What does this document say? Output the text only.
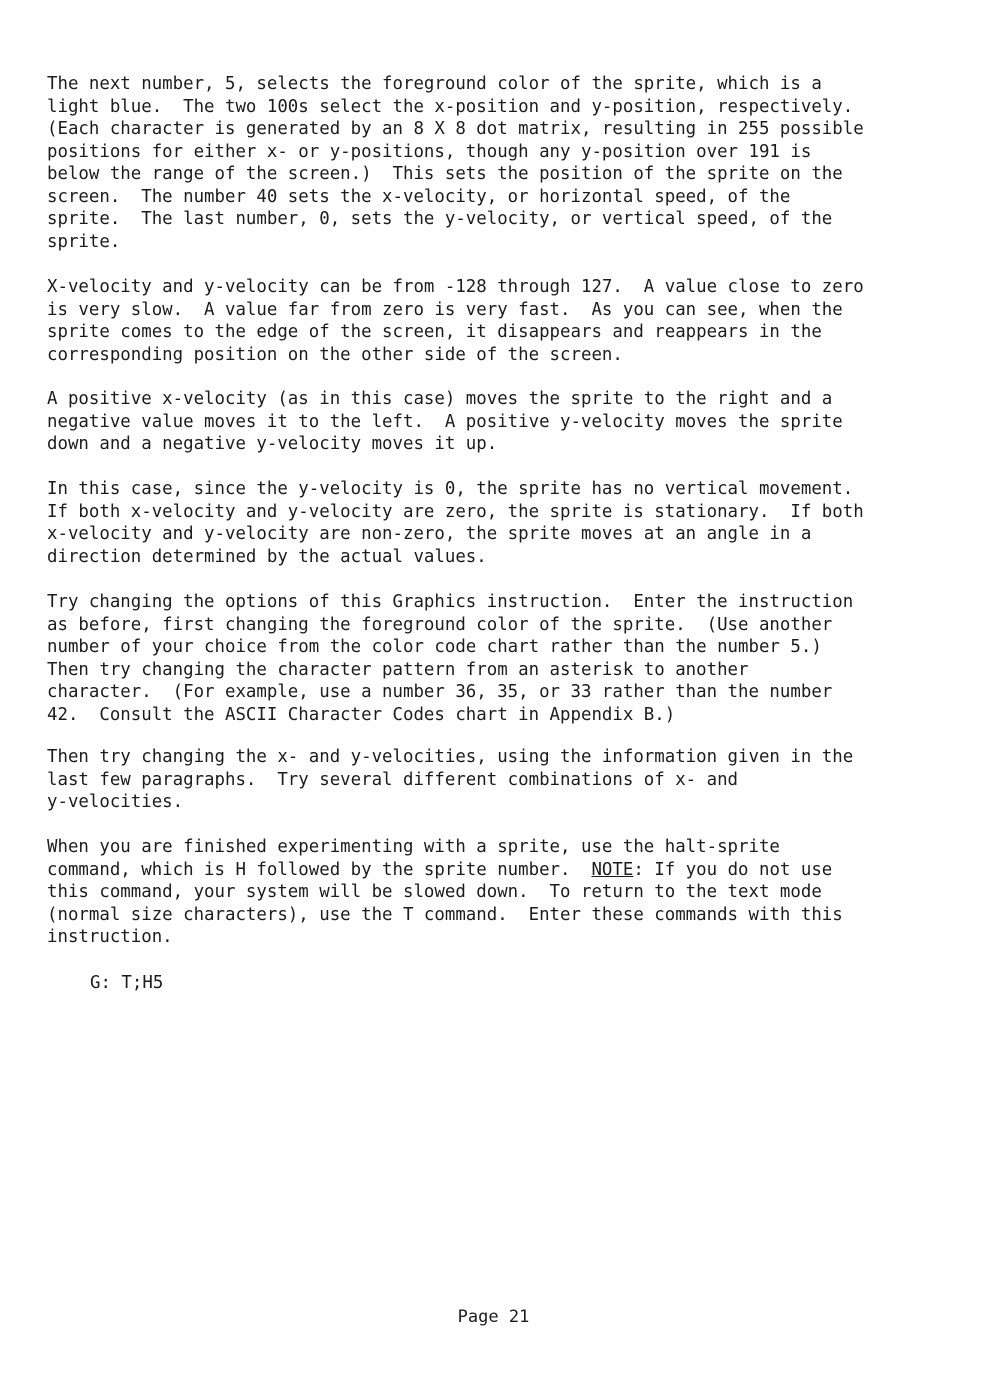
The next number, 5, selects the foreground color of the sprite, which is a
light blue.  The two 100s select the x-position and y-position, respectively.
(Each character is generated by an 8 X 8 dot matrix, resulting in 255 possible
positions for either x- or y-positions, though any y-position over 191 is
below the range of the screen.)  This sets the position of the sprite on the
screen.  The number 40 sets the x-velocity, or horizontal speed, of the
sprite.  The last number, 0, sets the y-velocity, or vertical speed, of the
sprite.
X-velocity and y-velocity can be from -128 through 127.  A value close to zero
is very slow.  A value far from zero is very fast.  As you can see, when the
sprite comes to the edge of the screen, it disappears and reappears in the
corresponding position on the other side of the screen.
A positive x-velocity (as in this case) moves the sprite to the right and a
negative value moves it to the left.  A positive y-velocity moves the sprite
down and a negative y-velocity moves it up.
In this case, since the y-velocity is 0, the sprite has no vertical movement.
If both x-velocity and y-velocity are zero, the sprite is stationary.  If both
x-velocity and y-velocity are non-zero, the sprite moves at an angle in a
direction determined by the actual values.
Try changing the options of this Graphics instruction.  Enter the instruction
as before, first changing the foreground color of the sprite.  (Use another
number of your choice from the color code chart rather than the number 5.)
Then try changing the character pattern from an asterisk to another
character.  (For example, use a number 36, 35, or 33 rather than the number
42.  Consult the ASCII Character Codes chart in Appendix B.)
Then try changing the x- and y-velocities, using the information given in the
last few paragraphs.  Try several different combinations of x- and
y-velocities.
When you are finished experimenting with a sprite, use the halt-sprite
command, which is H followed by the sprite number.  NOTE: If you do not use
this command, your system will be slowed down.  To return to the text mode
(normal size characters), use the T command.  Enter these commands with this
instruction.
G: T;H5

Page 21
